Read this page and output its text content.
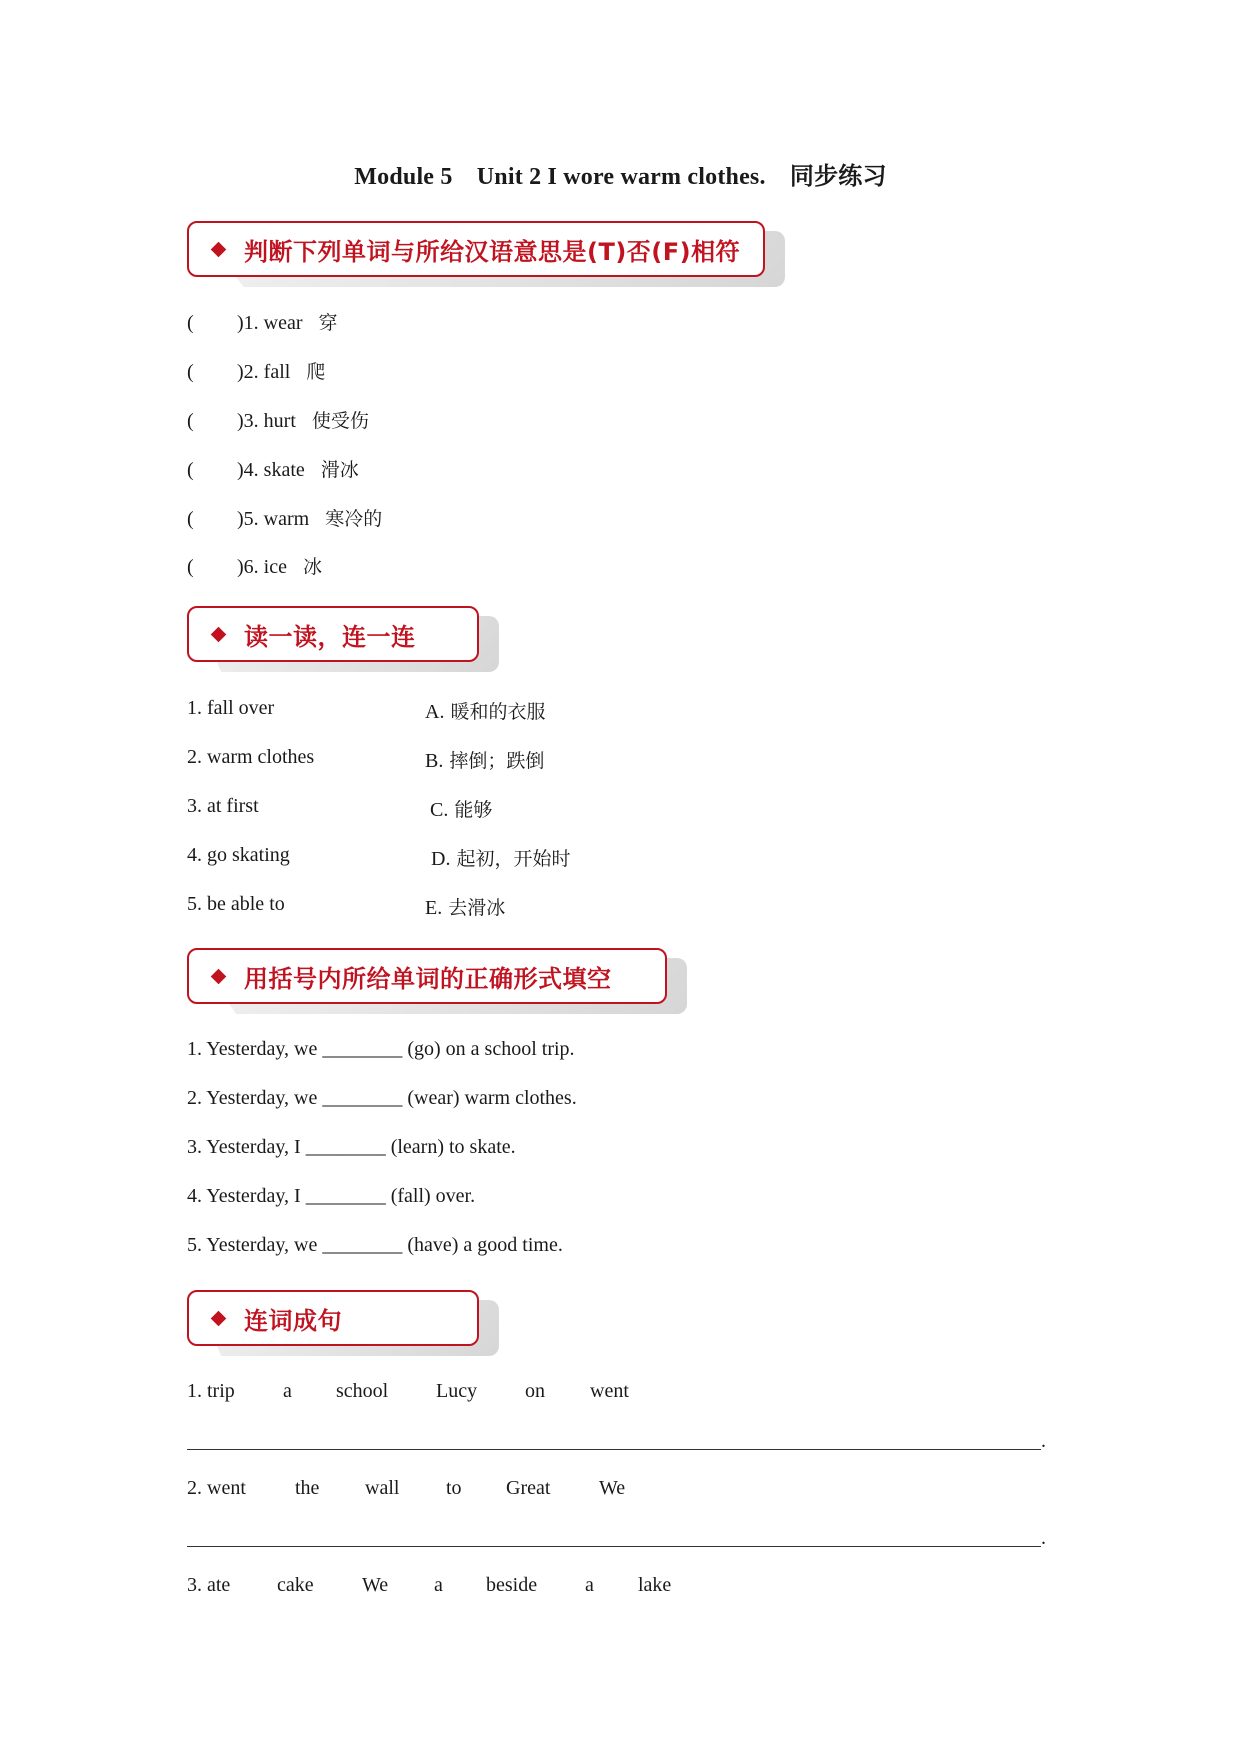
Module 5　Unit 2 I wore warm clothes.　同步练习
判断下列单词与所给汉语意思是(T)否(F)相符
( )1. wear 穿
( )2. fall 爬
( )3. hurt 使受伤
( )4. skate 滑冰
( )5. warm 寒冷的
( )6. ice 冰
读一读，连一连
1. fall over
2. warm clothes
3. at first
4. go skating
5. be able to
A. 暖和的衣服
B. 摔倒；跌倒
C. 能够
D. 起初，开始时
E. 去滑冰
用括号内所给单词的正确形式填空
1. Yesterday, we ________ (go) on a school trip.
2. Yesterday, we ________ (wear) warm clothes.
3. Yesterday, I ________ (learn) to skate.
4. Yesterday, I ________ (fall) over.
5. Yesterday, we ________ (have) a good time.
连词成句
1. trip a school Lucy on went
.
2. went the wall to Great We
.
3. ate cake We a beside a lake
